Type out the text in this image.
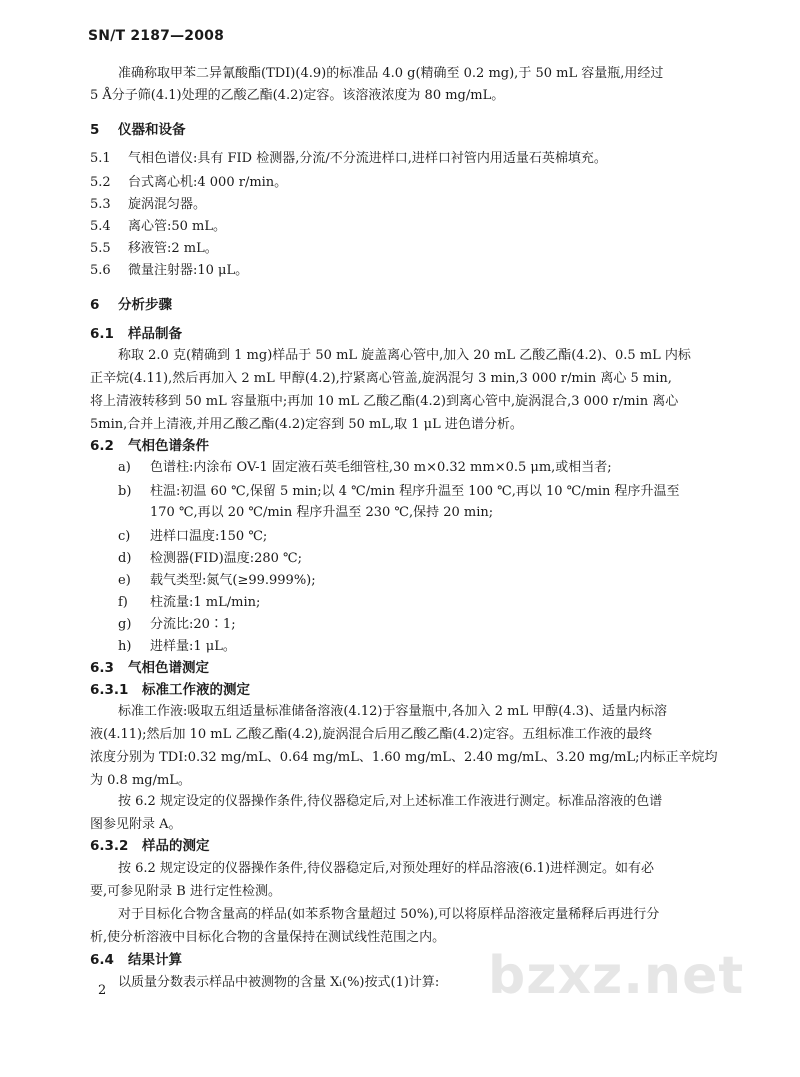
SN/T 2187—2008
准确称取甲苯二异氰酸酯(TDI)(4.9)的标准品 4.0 g(精确至 0.2 mg),于 50 mL 容量瓶,用经过
5 Å分子筛(4.1)处理的乙酸乙酯(4.2)定容。该溶液浓度为 80 mg/mL。
5 仪器和设备
5.1 气相色谱仪:具有 FID 检测器,分流/不分流进样口,进样口衬管内用适量石英棉填充。
5.2 台式离心机:4 000 r/min。
5.3 旋涡混匀器。
5.4 离心管:50 mL。
5.5 移液管:2 mL。
5.6 微量注射器:10 μL。
6 分析步骤
6.1 样品制备
称取 2.0 克(精确到 1 mg)样品于 50 mL 旋盖离心管中,加入 20 mL 乙酸乙酯(4.2)、0.5 mL 内标
正辛烷(4.11),然后再加入 2 mL 甲醇(4.2),拧紧离心管盖,旋涡混匀 3 min,3 000 r/min 离心 5 min,
将上清液转移到 50 mL 容量瓶中;再加 10 mL 乙酸乙酯(4.2)到离心管中,旋涡混合,3 000 r/min 离心
5min,合并上清液,并用乙酸乙酯(4.2)定容到 50 mL,取 1 μL 进色谱分析。
6.2 气相色谱条件
a) 色谱柱:内涂布 OV-1 固定液石英毛细管柱,30 m×0.32 mm×0.5 μm,或相当者;
b) 柱温:初温 60 ℃,保留 5 min;以 4 ℃/min 程序升温至 100 ℃,再以 10 ℃/min 程序升温至
170 ℃,再以 20 ℃/min 程序升温至 230 ℃,保持 20 min;
c) 进样口温度:150 ℃;
d) 检测器(FID)温度:280 ℃;
e) 载气类型:氮气(≥99.999%);
f) 柱流量:1 mL/min;
g) 分流比:20∶1;
h) 进样量:1 μL。
6.3 气相色谱测定
6.3.1 标准工作液的测定
标准工作液:吸取五组适量标准储备溶液(4.12)于容量瓶中,各加入 2 mL 甲醇(4.3)、适量内标溶
液(4.11);然后加 10 mL 乙酸乙酯(4.2),旋涡混合后用乙酸乙酯(4.2)定容。五组标准工作液的最终
浓度分别为 TDI:0.32 mg/mL、0.64 mg/mL、1.60 mg/mL、2.40 mg/mL、3.20 mg/mL;内标正辛烷均
为 0.8 mg/mL。
按 6.2 规定设定的仪器操作条件,待仪器稳定后,对上述标准工作液进行测定。标准品溶液的色谱
图参见附录 A。
6.3.2 样品的测定
按 6.2 规定设定的仪器操作条件,待仪器稳定后,对预处理好的样品溶液(6.1)进样测定。如有必
要,可参见附录 B 进行定性检测。
对于目标化合物含量高的样品(如苯系物含量超过 50%),可以将原样品溶液定量稀释后再进行分
析,使分析溶液中目标化合物的含量保持在测试线性范围之内。
6.4 结果计算
以质量分数表示样品中被测物的含量 Xᵢ(%)按式(1)计算:
2	bzxz.net
